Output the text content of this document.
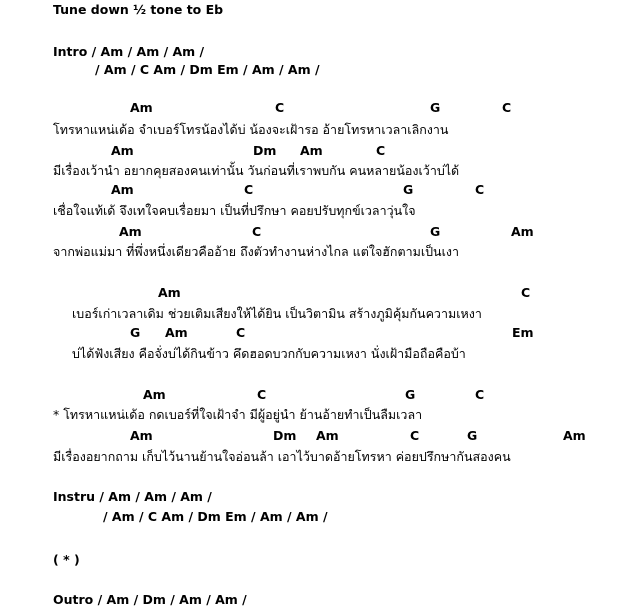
Tune down ½ tone to Eb
Intro / Am / Am / Am /
/ Am / C Am / Dm Em / Am / Am /
Am	C	G	C
โทรหาแหน่เด้อ จำเบอร์โทรน้องได้บ่ น้องจะเฝ้ารอ อ้ายโทรหาเวลาเลิกงาน
Am	Dm Am	C
มีเรื่องเว้านำ อยากคุยสองคนเท่านั้น วันก่อนที่เราพบกัน คนหลายน้องเว้าบ่ได้
Am	C	G	C
เชื่อใจแท้เด้ จึงเทใจคบเรื่อยมา เป็นที่ปรึกษา คอยปรับทุกข์เวลาวุ่นใจ
Am	C	G	Am
จากพ่อแม่มา ที่พึ่งหนึ่งเดียวคืออ้าย ถึงตัวทำงานห่างไกล แต่ใจฮักตามเป็นเงา
Am	C
เบอร์เก่าเวลาเดิม ช่วยเติมเสียงให้ได้ยิน เป็นวิตามิน สร้างภูมิคุ้มกันความเหงา
G Am	C	Em
บ่ได้ฟังเสียง คือจั่งบ่ได้กินข้าว คึดฮอดบวกกับความเหงา นั่งเฝ้ามือถือคือบ้า
Am	C	G	C
* โทรหาแหน่เด้อ กดเบอร์ที่ใจเฝ้าจำ มีผู้อยู่นำ ย้านอ้ายทำเป็นลืมเวลา
Am	Dm Am	C	G	Am
มีเรื่องอยากถาม เก็บไว้นานย้านใจอ่อนล้า เอาไว้บาดอ้ายโทรหา ค่อยปรึกษากันสองคน
Instru / Am / Am / Am /
/ Am / C Am / Dm Em / Am / Am /
( * )
Outro / Am / Dm / Am / Am /
